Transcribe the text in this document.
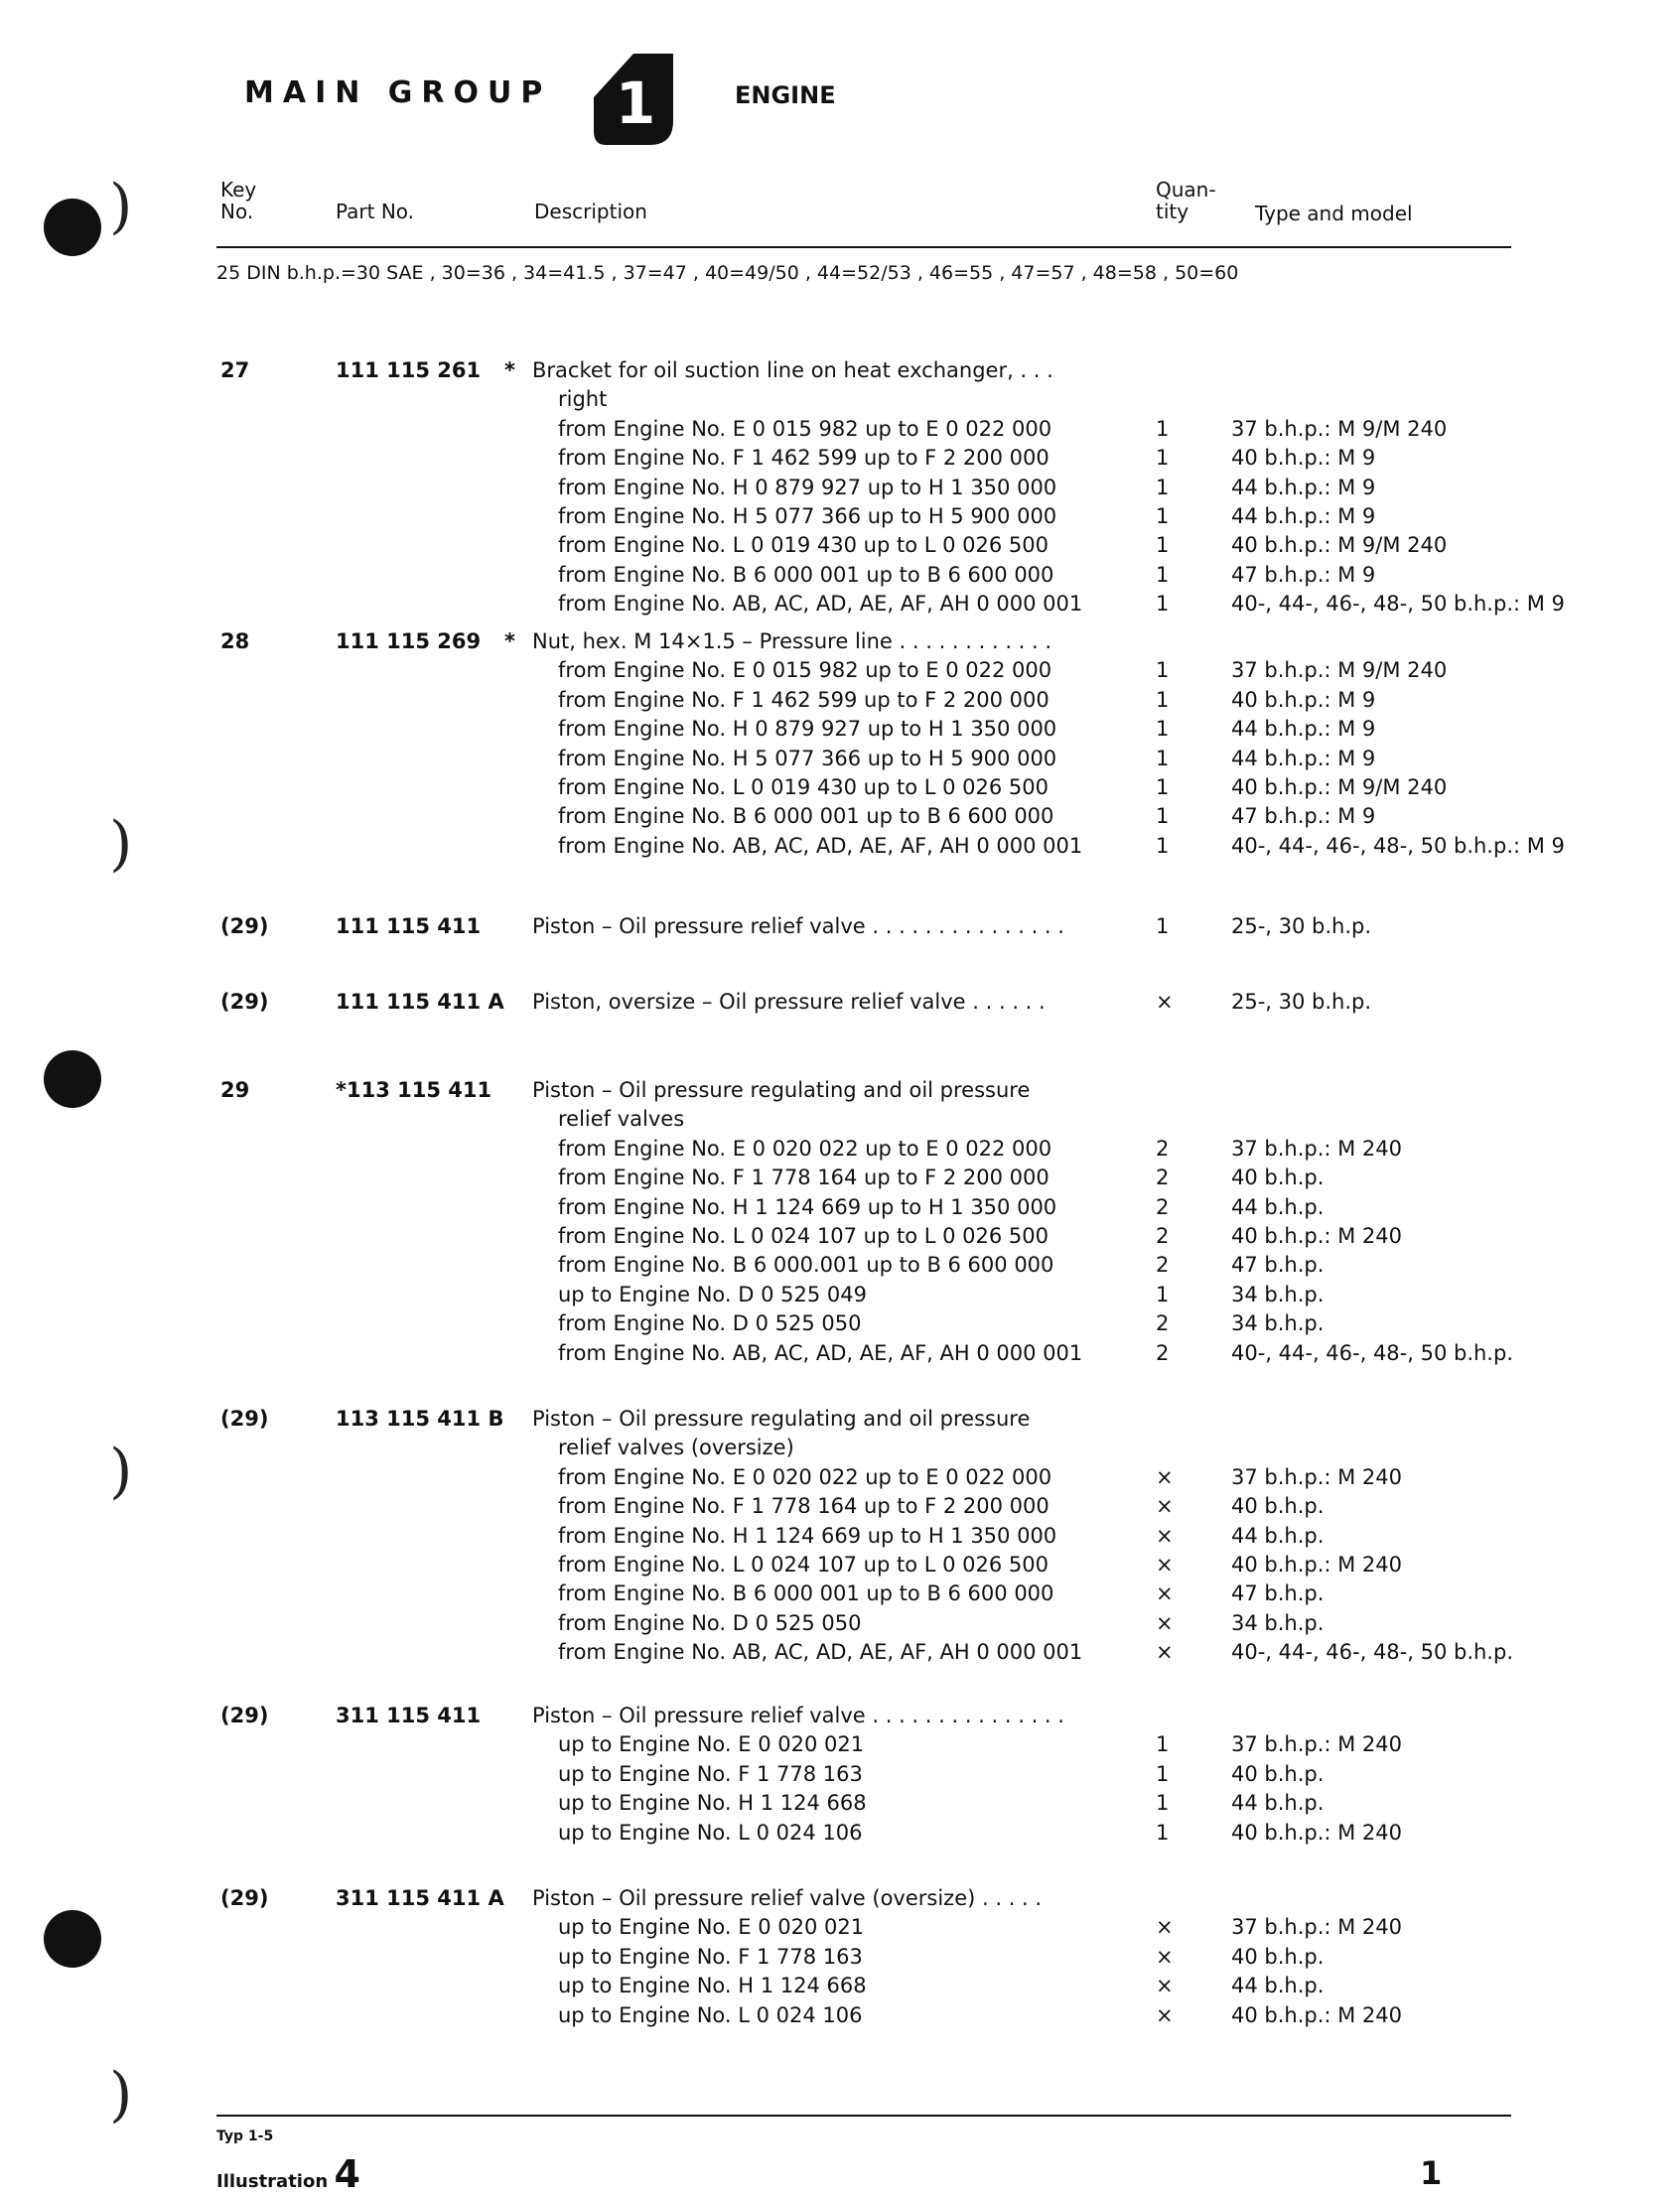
)
)
)
)
MAIN GROUP 1	ENGINE
Key
No.	Part No.	Description
Quan-
tity	Type and model
25 DIN b.h.p.=30 SAE , 30=36 , 34=41.5 , 37=47 , 40=49/50 , 44=52/53 , 46=55 , 47=57 , 48=58 , 50=60
27	111 115 261 * Bracket for oil suction line on heat exchanger, . . .
right
from Engine No. E 0 015 982 up to E 0 022 000	1	37 b.h.p.: M 9/M 240
from Engine No. F 1 462 599 up to F 2 200 000	1	40 b.h.p.: M 9
from Engine No. H 0 879 927 up to H 1 350 000	1	44 b.h.p.: M 9
from Engine No. H 5 077 366 up to H 5 900 000	1	44 b.h.p.: M 9
from Engine No. L 0 019 430 up to L 0 026 500	1	40 b.h.p.: M 9/M 240
from Engine No. B 6 000 001 up to B 6 600 000	1	47 b.h.p.: M 9
from Engine No. AB, AC, AD, AE, AF, AH 0 000 001	1	40-, 44-, 46-, 48-, 50 b.h.p.: M 9
28	111 115 269 * Nut, hex. M 14×1.5 – Pressure line . . . . . . . . . . . .
from Engine No. E 0 015 982 up to E 0 022 000	1	37 b.h.p.: M 9/M 240
from Engine No. F 1 462 599 up to F 2 200 000	1	40 b.h.p.: M 9
from Engine No. H 0 879 927 up to H 1 350 000	1	44 b.h.p.: M 9
from Engine No. H 5 077 366 up to H 5 900 000	1	44 b.h.p.: M 9
from Engine No. L 0 019 430 up to L 0 026 500	1	40 b.h.p.: M 9/M 240
from Engine No. B 6 000 001 up to B 6 600 000	1	47 b.h.p.: M 9
from Engine No. AB, AC, AD, AE, AF, AH 0 000 001	1	40-, 44-, 46-, 48-, 50 b.h.p.: M 9
(29)	111 115 411 Piston – Oil pressure relief valve . . . . . . . . . . . . . . .	1	25-, 30 b.h.p.
(29)	111 115 411 A Piston, oversize – Oil pressure relief valve . . . . . .	×	25-, 30 b.h.p.
29	*113 115 411 Piston – Oil pressure regulating and oil pressure
relief valves
from Engine No. E 0 020 022 up to E 0 022 000	2	37 b.h.p.: M 240
from Engine No. F 1 778 164 up to F 2 200 000	2	40 b.h.p.
from Engine No. H 1 124 669 up to H 1 350 000	2	44 b.h.p.
from Engine No. L 0 024 107 up to L 0 026 500	2	40 b.h.p.: M 240
from Engine No. B 6 000.001 up to B 6 600 000	2	47 b.h.p.
up to Engine No. D 0 525 049	1	34 b.h.p.
from Engine No. D 0 525 050	2	34 b.h.p.
from Engine No. AB, AC, AD, AE, AF, AH 0 000 001	2	40-, 44-, 46-, 48-, 50 b.h.p.
(29)	113 115 411 B Piston – Oil pressure regulating and oil pressure
relief valves (oversize)
from Engine No. E 0 020 022 up to E 0 022 000	×	37 b.h.p.: M 240
from Engine No. F 1 778 164 up to F 2 200 000	×	40 b.h.p.
from Engine No. H 1 124 669 up to H 1 350 000	×	44 b.h.p.
from Engine No. L 0 024 107 up to L 0 026 500	×	40 b.h.p.: M 240
from Engine No. B 6 000 001 up to B 6 600 000	×	47 b.h.p.
from Engine No. D 0 525 050	×	34 b.h.p.
from Engine No. AB, AC, AD, AE, AF, AH 0 000 001	×	40-, 44-, 46-, 48-, 50 b.h.p.
(29)	311 115 411 Piston – Oil pressure relief valve . . . . . . . . . . . . . . .
up to Engine No. E 0 020 021	1	37 b.h.p.: M 240
up to Engine No. F 1 778 163	1	40 b.h.p.
up to Engine No. H 1 124 668	1	44 b.h.p.
up to Engine No. L 0 024 106	1	40 b.h.p.: M 240
(29)	311 115 411 A Piston – Oil pressure relief valve (oversize) . . . . .
up to Engine No. E 0 020 021	×	37 b.h.p.: M 240
up to Engine No. F 1 778 163	×	40 b.h.p.
up to Engine No. H 1 124 668	×	44 b.h.p.
up to Engine No. L 0 024 106	×	40 b.h.p.: M 240
Typ 1-5
Illustration 4	1
